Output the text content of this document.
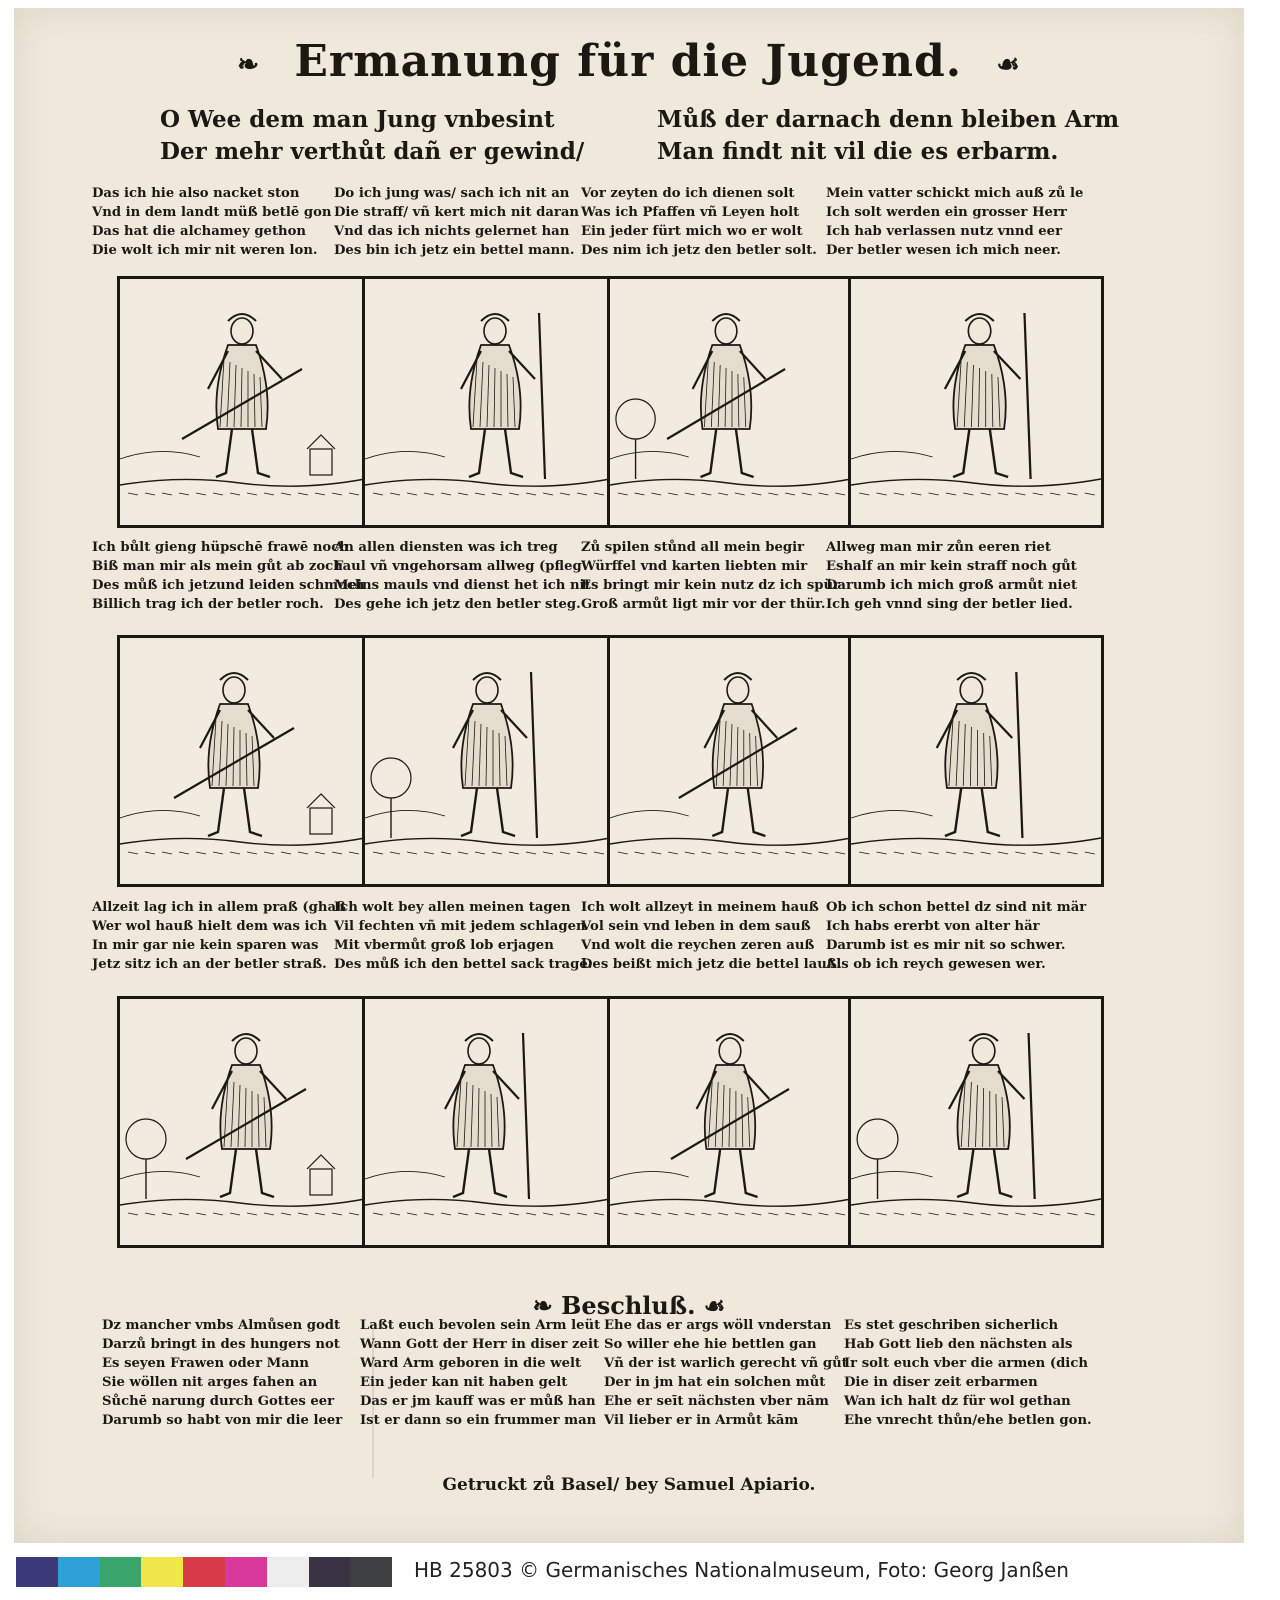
❧ Ermanung für die Jugend. ☙
O Wee dem man Jung vnbesint
Der mehr verthůt dañ er gewind/
Můß der darnach denn bleiben Arm
Man findt nit vil die es erbarm.
Das ich hie also nacket ston
Vnd in dem landt müß betlē gon
Das hat die alchamey gethon
Die wolt ich mir nit weren lon.
Do ich jung was/ sach ich nit an
Die straff/ vñ kert mich nit daran
Vnd das ich nichts gelernet han
Des bin ich jetz ein bettel mann.
Vor zeyten do ich dienen solt
Was ich Pfaffen vñ Leyen holt
Ein jeder fürt mich wo er wolt
Des nim ich jetz den betler solt.
Mein vatter schickt mich auß zů le
Ich solt werden ein grosser Herr
Ich hab verlassen nutz vnnd eer
Der betler wesen ich mich neer.
Ich bůlt gieng hüpschē frawē noch
Biß man mir als mein gůt ab zoch
Des můß ich jetzund leiden schmoch
Billich trag ich der betler roch.
An allen diensten was ich treg
Faul vñ vngehorsam allweg (pfleg
Meins mauls vnd dienst het ich nit
Des gehe ich jetz den betler steg.
Zů spilen stůnd all mein begir
Würffel vnd karten liebten mir
Es bringt mir kein nutz dz ich spür
Groß armůt ligt mir vor der thür.
Allweg man mir zůn eeren riet
Eshalf an mir kein straff noch gůt
Darumb ich mich groß armůt niet
Ich geh vnnd sing der betler lied.
Allzeit lag ich in allem praß (ghaß
Wer wol hauß hielt dem was ich
In mir gar nie kein sparen was
Jetz sitz ich an der betler straß.
Ich wolt bey allen meinen tagen
Vil fechten vñ mit jedem schlagen
Mit vbermůt groß lob erjagen
Des můß ich den bettel sack tragē.
Ich wolt allzeyt in meinem hauß
Vol sein vnd leben in dem sauß
Vnd wolt die reychen zeren auß
Des beißt mich jetz die bettel lauß.
Ob ich schon bettel dz sind nit mär
Ich habs ererbt von alter här
Darumb ist es mir nit so schwer.
Als ob ich reych gewesen wer.
Dz mancher vmbs Almůsen godt
Darzů bringt in des hungers not
Es seyen Frawen oder Mann
Sie wöllen nit arges fahen an
Sůchē narung durch Gottes eer
Darumb so habt von mir die leer
Laßt euch bevolen sein Arm leüt
Wann Gott der Herr in diser zeit
Ward Arm geboren in die welt
Ein jeder kan nit haben gelt
Das er jm kauff was er můß han
Ist er dann so ein frummer man
Ehe das er args wöll vnderstan
So willer ehe hie bettlen gan
Vñ der ist warlich gerecht vñ gůt
Der in jm hat ein solchen můt
Ehe er seīt nächsten vber nām
Vil lieber er in Armůt kām
Es stet geschriben sicherlich
Hab Gott lieb den nächsten als
Ir solt euch vber die armen (dich
Die in diser zeit erbarmen
Wan ich halt dz für wol gethan
Ehe vnrecht thůn/ehe betlen gon.
❧ Beschluß. ☙
Getruckt zů Basel/ bey Samuel Apiario.
HB 25803 © Germanisches Nationalmuseum, Foto: Georg Janßen
